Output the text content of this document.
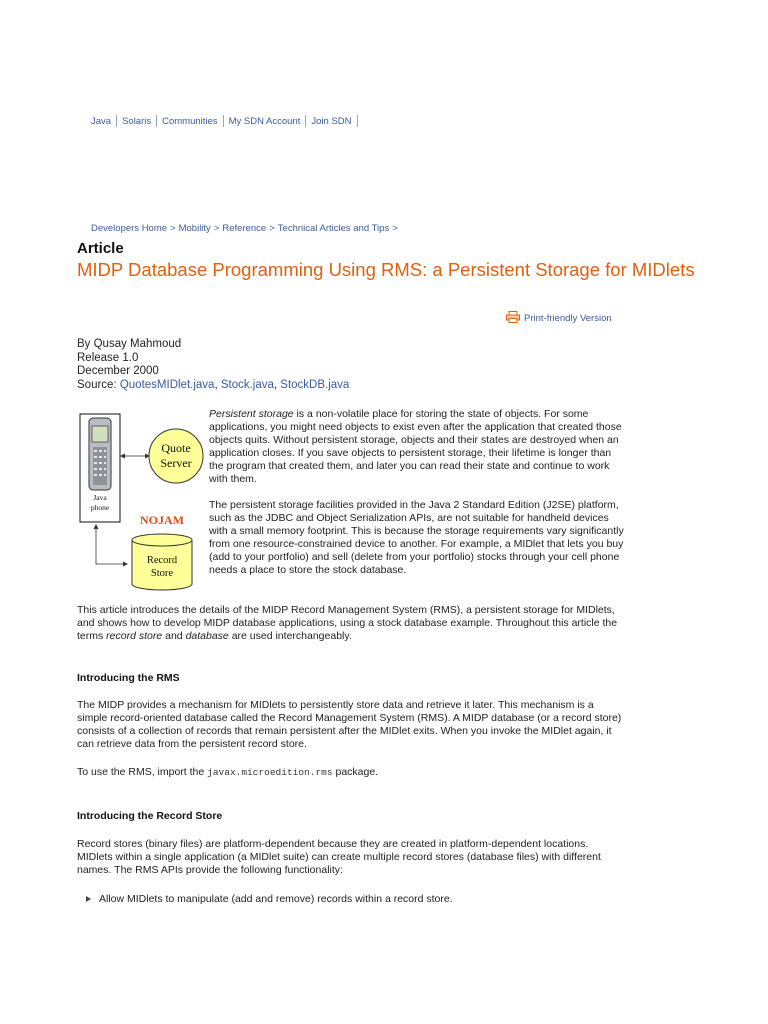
Java Solaris Communities My SDN Account Join SDN
Developers Home > Mobility > Reference > Technical Articles and Tips >
Article
MIDP Database Programming Using RMS: a Persistent Storage for MIDlets
Print-friendly Version
By Qusay Mahmoud
Release 1.0
December 2000
Source: QuotesMIDlet.java, Stock.java, StockDB.java
Java
phone
Quote
Server
NOJAM
Record
Store
Persistent storage is a non-volatile place for storing the state of objects. For some applications, you might need objects to exist even after the application that created those objects quits. Without persistent storage, objects and their states are destroyed when an application closes. If you save objects to persistent storage, their lifetime is longer than the program that created them, and later you can read their state and continue to work with them.
The persistent storage facilities provided in the Java 2 Standard Edition (J2SE) platform, such as the JDBC and Object Serialization APIs, are not suitable for handheld devices with a small memory footprint. This is because the storage requirements vary significantly from one resource-constrained device to another. For example, a MIDlet that lets you buy (add to your portfolio) and sell (delete from your portfolio) stocks through your cell phone needs a place to store the stock database.
This article introduces the details of the MIDP Record Management System (RMS), a persistent storage for MIDlets, and shows how to develop MIDP database applications, using a stock database example. Throughout this article the terms record store and database are used interchangeably.
Introducing the RMS
The MIDP provides a mechanism for MIDlets to persistently store data and retrieve it later. This mechanism is a simple record-oriented database called the Record Management System (RMS). A MIDP database (or a record store) consists of a collection of records that remain persistent after the MIDlet exits. When you invoke the MIDlet again, it can retrieve data from the persistent record store.
To use the RMS, import the javax.microedition.rms package.
Introducing the Record Store
Record stores (binary files) are platform-dependent because they are created in platform-dependent locations. MIDlets within a single application (a MIDlet suite) can create multiple record stores (database files) with different names. The RMS APIs provide the following functionality:
Allow MIDlets to manipulate (add and remove) records within a record store.
